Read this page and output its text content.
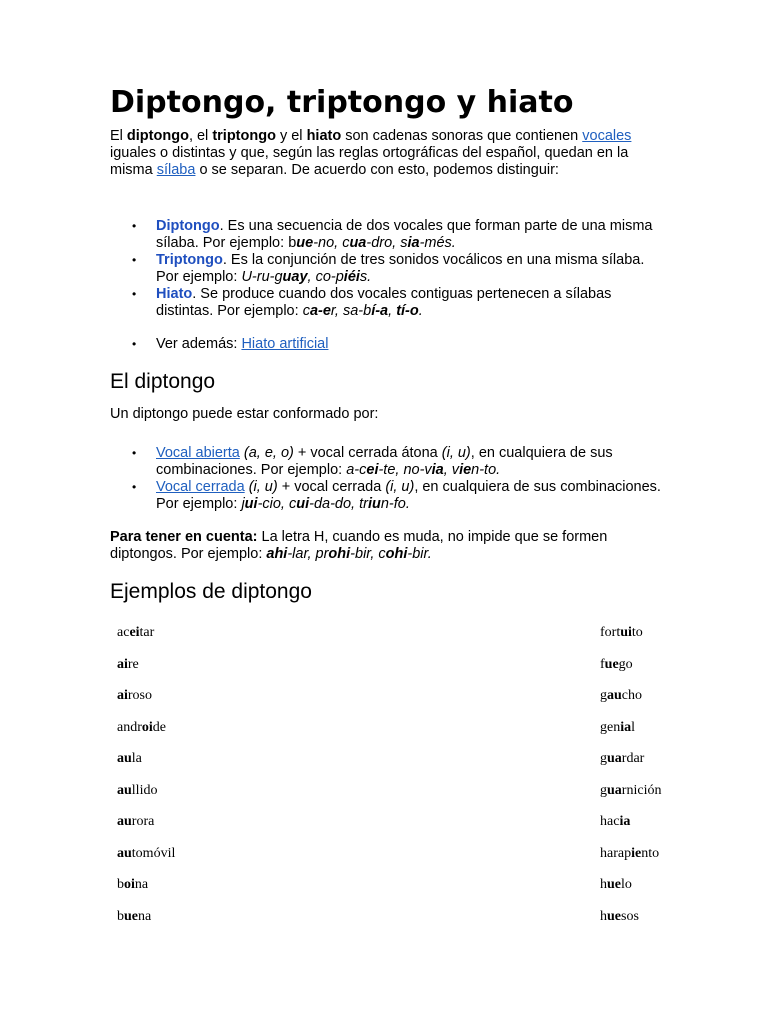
Diptongo, triptongo y hiato

El diptongo, el triptongo y el hiato son cadenas sonoras que contienen vocales iguales o distintas y que, según las reglas ortográficas del español, quedan en la misma sílaba o se separan. De acuerdo con esto, podemos distinguir:

• Diptongo. Es una secuencia de dos vocales que forman parte de una misma sílaba. Por ejemplo: bue-no, cua-dro, sia-més.
• Triptongo. Es la conjunción de tres sonidos vocálicos en una misma sílaba. Por ejemplo: U-ru-guay, co-piéis.
• Hiato. Se produce cuando dos vocales contiguas pertenecen a sílabas distintas. Por ejemplo: ca-er, sa-bí-a, tí-o.
• Ver además: Hiato artificial
El diptongo

Un diptongo puede estar conformado por:

• Vocal abierta (a, e, o) + vocal cerrada átona (i, u), en cualquiera de sus combinaciones. Por ejemplo: a-cei-te, no-via, vien-to.
• Vocal cerrada (i, u) + vocal cerrada (i, u), en cualquiera de sus combinaciones. Por ejemplo: jui-cio, cui-da-do, triun-fo.

Para tener en cuenta: La letra H, cuando es muda, no impide que se formen diptongos. Por ejemplo: ahi-lar, prohi-bir, cohi-bir.

Ejemplos de diptongo
aceitar
aire
airoso
androide
aula
aullido
aurora
automóvil
boina
buena
fortuito
fuego
gaucho
genial
guardar
guarnición
hacia
harapiento
huelo
huesos
